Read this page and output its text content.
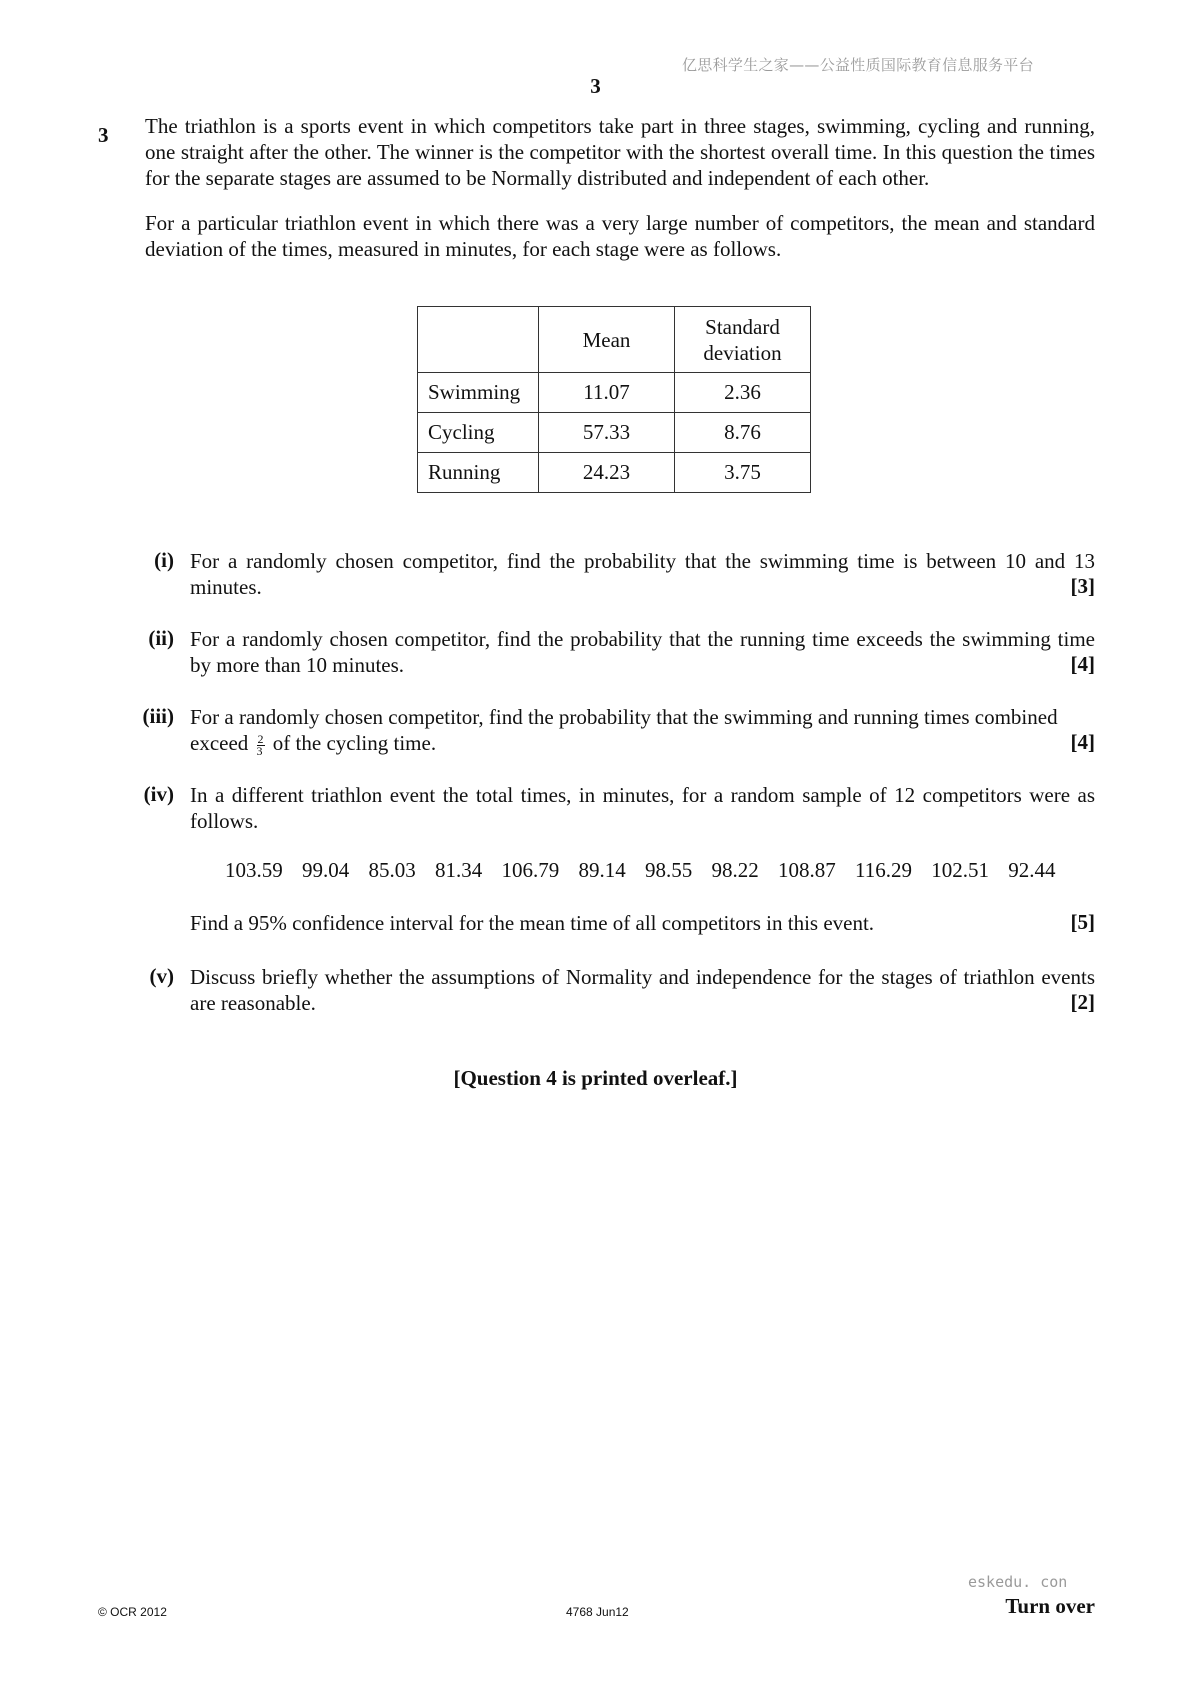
亿思科学生之家——公益性质国际教育信息服务平台
3
3 The triathlon is a sports event in which competitors take part in three stages, swimming, cycling and running, one straight after the other. The winner is the competitor with the shortest overall time. In this question the times for the separate stages are assumed to be Normally distributed and independent of each other.
For a particular triathlon event in which there was a very large number of competitors, the mean and standard deviation of the times, measured in minutes, for each stage were as follows.
	Mean	Standard deviation

Swimming	11.07	2.36
Cycling	57.33	8.76
Running	24.23	3.75
(i) For a randomly chosen competitor, find the probability that the swimming time is between 10 and 13 minutes.	[3]
(ii) For a randomly chosen competitor, find the probability that the running time exceeds the swimming time by more than 10 minutes.	[4]
(iii) For a randomly chosen competitor, find the probability that the swimming and running times combined
exceed $\frac{2}{3}$ of the cycling time.	[4]
(iv) In a different triathlon event the total times, in minutes, for a random sample of 12 competitors were as follows.
103.59 99.04 85.03 81.34 106.79 89.14 98.55 98.22 108.87 116.29 102.51 92.44
Find a 95% confidence interval for the mean time of all competitors in this event.	[5]
(v) Discuss briefly whether the assumptions of Normality and independence for the stages of triathlon events are reasonable.	[2]
[Question 4 is printed overleaf.]
eskedu. con
© OCR 2012	4768 Jun12	Turn over
